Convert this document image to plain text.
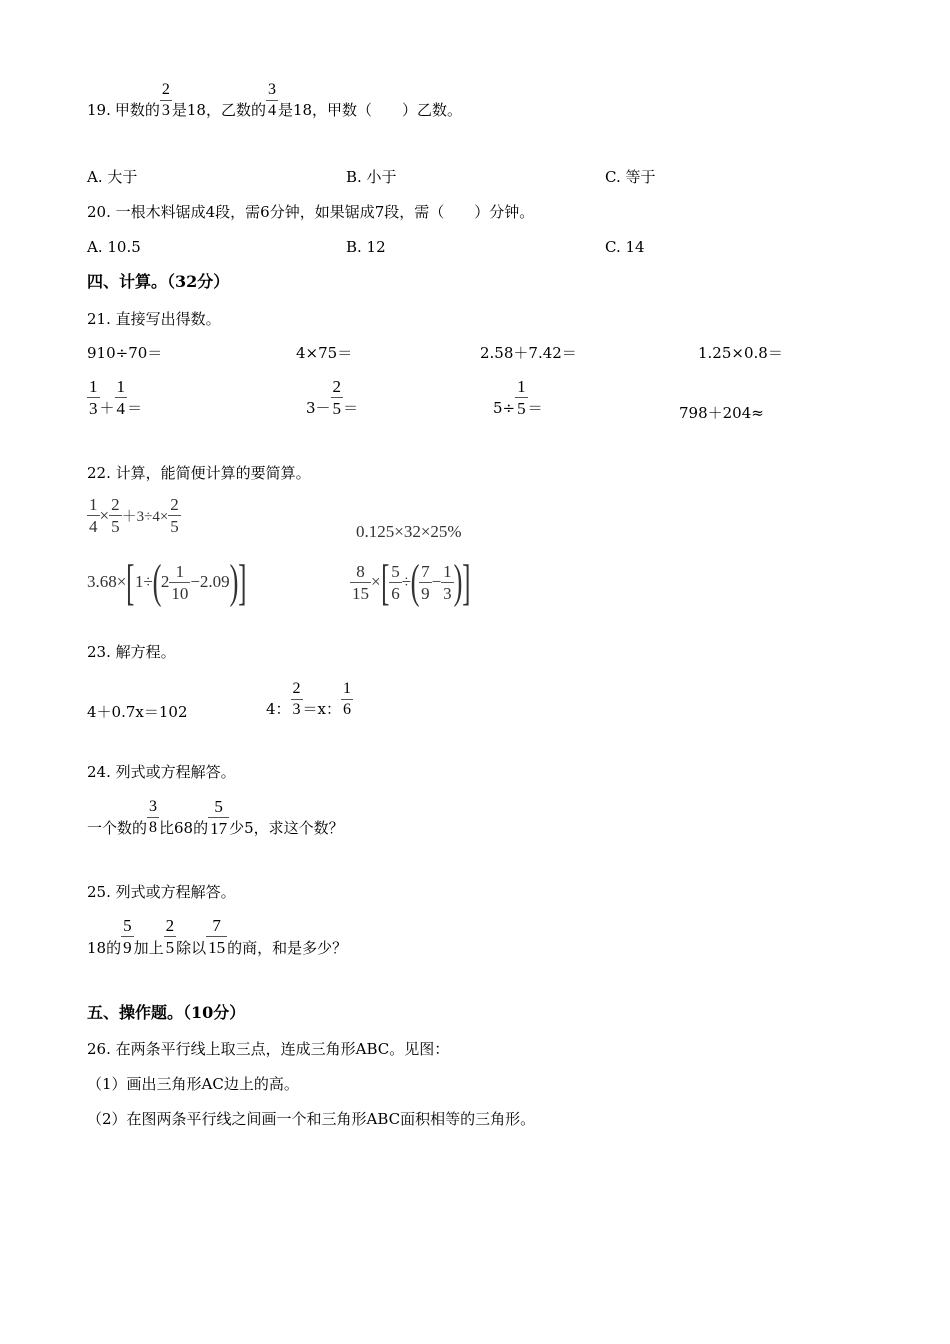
19. 甲数的 $\frac{2}{3}$ 是18，乙数的 $\frac{3}{4}$ 是18，甲数（　　）乙数。
A. 大于	B. 小于	C. 等于
20. 一根木料锯成4段，需6分钟，如果锯成7段，需（　　）分钟。
A. 10.5	B. 12	C. 14
四、计算。（32分）
21. 直接写出得数。
910÷70＝	4×75＝	2.58＋7.42＝	1.25×0.8＝
$\frac{1}{3} + \frac{1}{4}$ ＝	$3- \frac{2}{5}$ ＝	$5\div \frac{1}{5}$ ＝	798＋204≈
22. 计算，能简便计算的要简算。
$\frac{1}{4} \times \frac{2}{5} +3\div 4\times \frac{2}{5}$	0.125×32×25%
3.68× [ 1÷ ( $2 \frac{1}{10} -2.09$ ) ]	$\frac{8}{15}$ × [ $\frac{5}{6}$ ÷ ( $\frac{7}{9} - \frac{1}{3}$ ) ]
23. 解方程。
4＋0.7x＝102	4： $\frac{2}{3} =x$： $\frac{1}{6}$
24. 列式或方程解答。
一个数的 $\frac{3}{8}$ 比68的 $\frac{5}{17}$ 少5，求这个数？
25. 列式或方程解答。
18的 $\frac{5}{9}$ 加上 $\frac{2}{5}$ 除以 $\frac{7}{15}$ 的商，和是多少？
五、操作题。（10分）
26. 在两条平行线上取三点，连成三角形ABC。见图：
（1）画出三角形AC边上的高。
（2）在图两条平行线之间画一个和三角形ABC面积相等的三角形。
